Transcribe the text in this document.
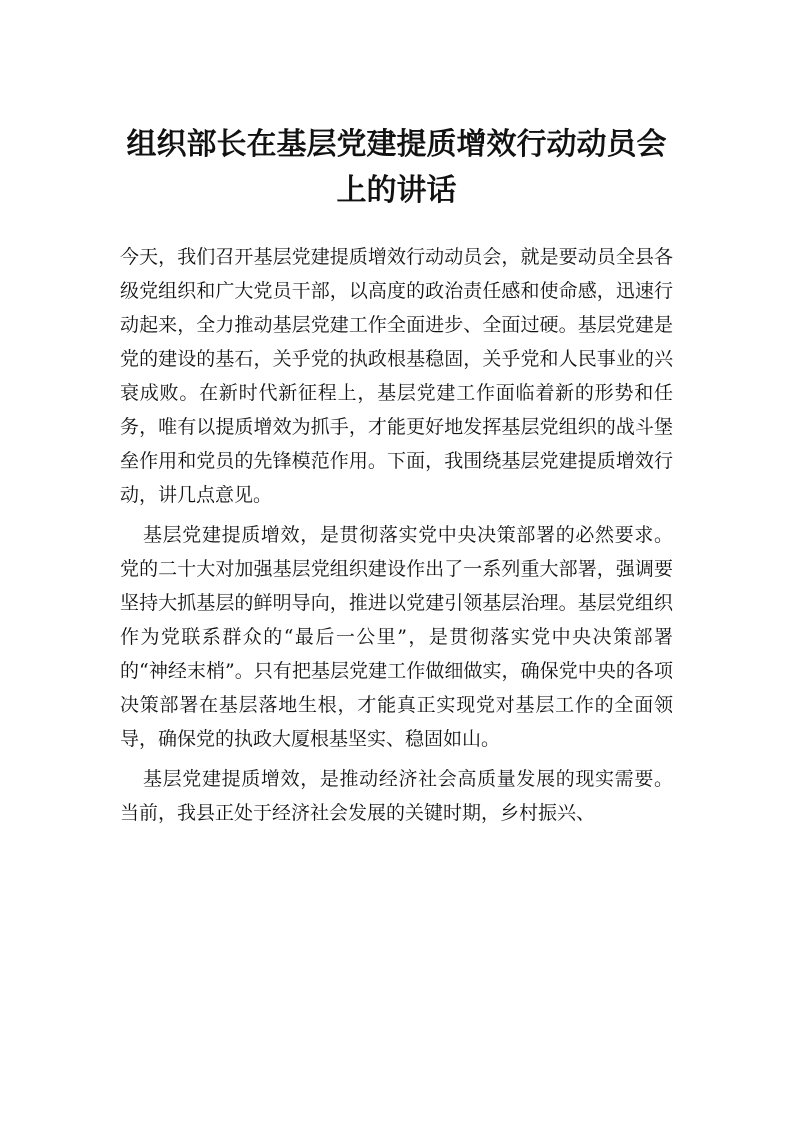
组织部长在基层党建提质增效行动动员会
上的讲话

今天，我们召开基层党建提质增效行动动员会，就是要动员全县各级党组织和广大党员干部，以高度的政治责任感和使命感，迅速行动起来，全力推动基层党建工作全面进步、全面过硬。基层党建是党的建设的基石，关乎党的执政根基稳固，关乎党和人民事业的兴衰成败。在新时代新征程上，基层党建工作面临着新的形势和任务，唯有以提质增效为抓手，才能更好地发挥基层党组织的战斗堡垒作用和党员的先锋模范作用。下面，我围绕基层党建提质增效行动，讲几点意见。

基层党建提质增效，是贯彻落实党中央决策部署的必然要求。党的二十大对加强基层党组织建设作出了一系列重大部署，强调要坚持大抓基层的鲜明导向，推进以党建引领基层治理。基层党组织作为党联系群众的“最后一公里”，是贯彻落实党中央决策部署的“神经末梢”。只有把基层党建工作做细做实，确保党中央的各项决策部署在基层落地生根，才能真正实现党对基层工作的全面领导，确保党的执政大厦根基坚实、稳固如山。

基层党建提质增效，是推动经济社会高质量发展的现实需要。当前，我县正处于经济社会发展的关键时期，乡村振兴、
